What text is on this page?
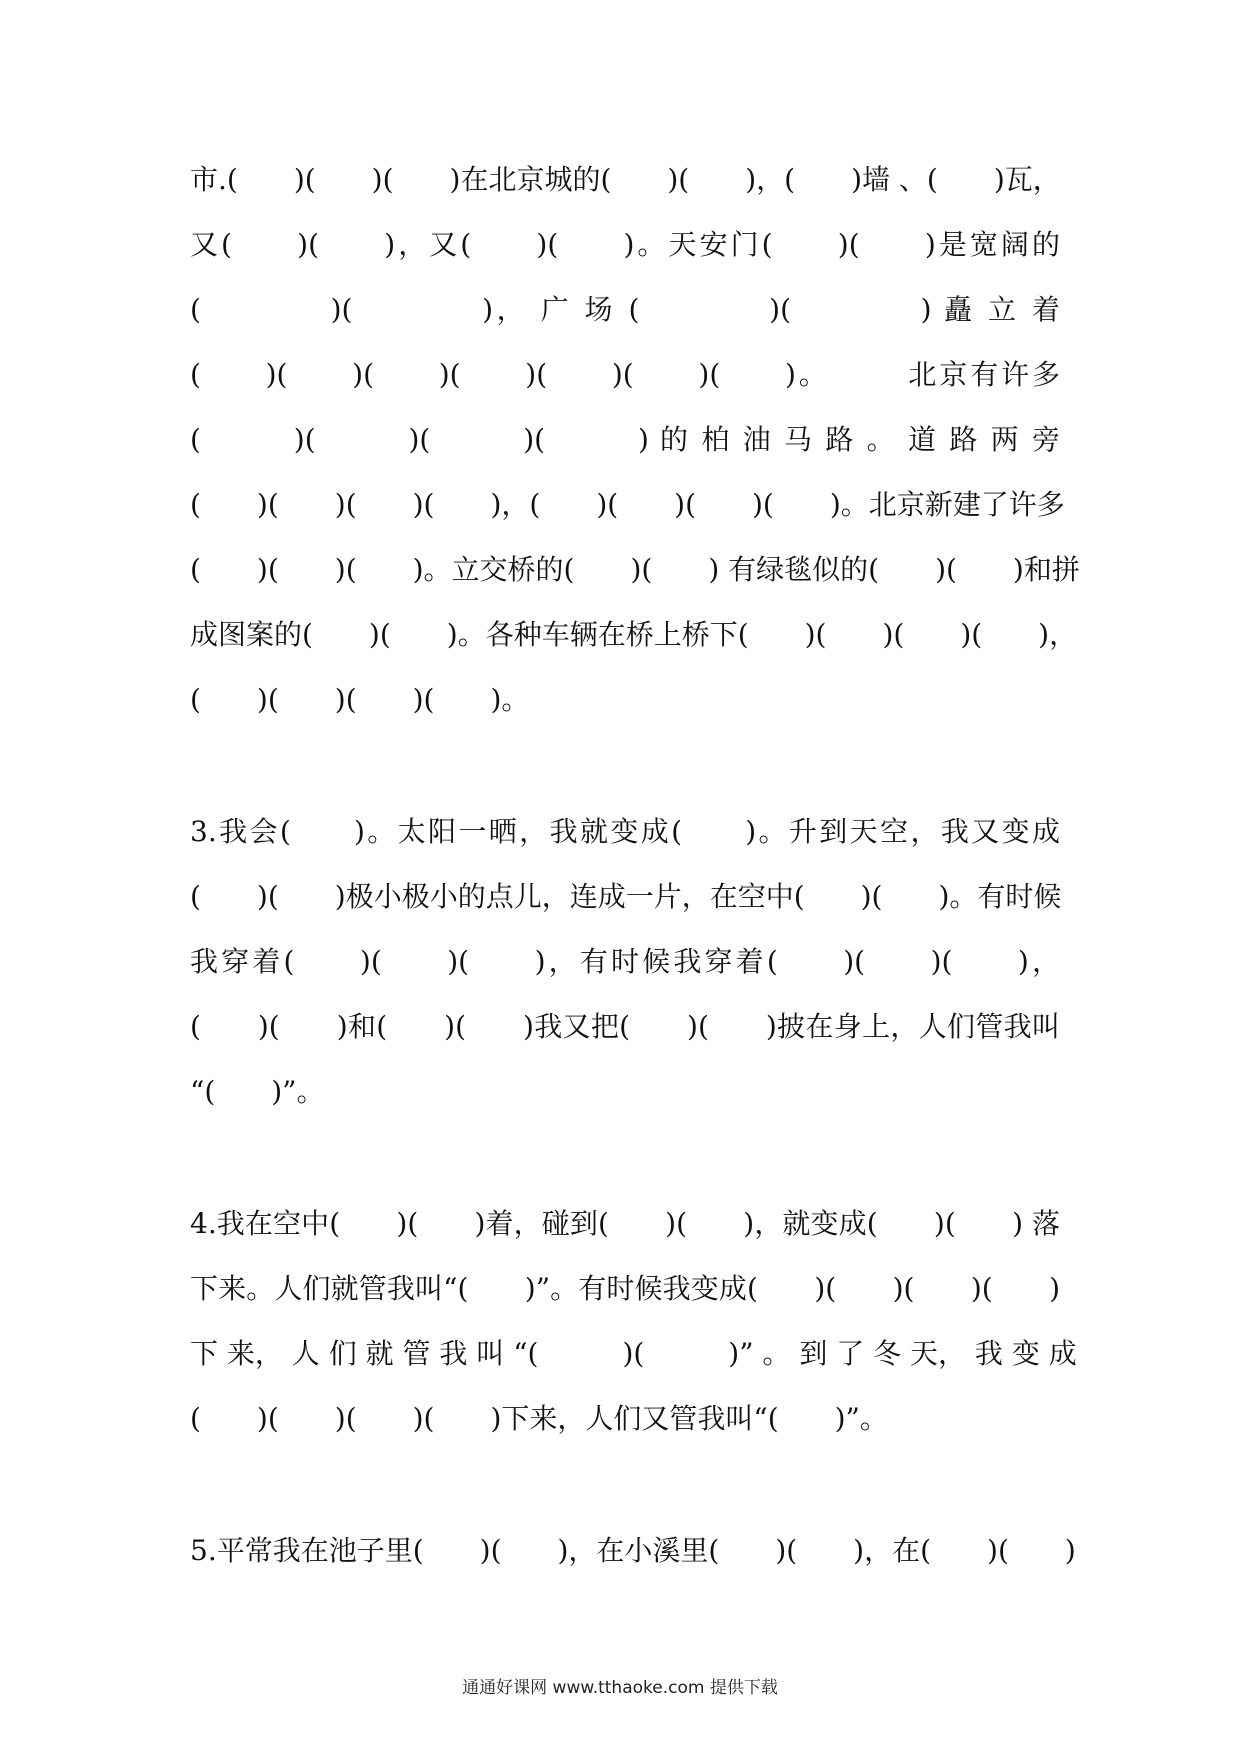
市.(　　)(　　)(　　)在北京城的(　　)(　　)，(　　)墙 、(　　)瓦，
又(　　)(　　)，又(　　)(　　)。天安门(　　)(　　)是宽阔的
(　　　　)(　　　　)， 广 场 (　　　　)(　　　　) 矗 立 着
(　　)(　　)(　　)(　　)(　　)(　　)(　　)。　　　北京有许多
(　　　)(　　　)(　　　)(　　　) 的 柏 油 马 路 。 道 路 两 旁
(　　)(　　)(　　)(　　)，(　　)(　　)(　　)(　　)。北京新建了许多
(　　)(　　)(　　)。立交桥的(　　)(　　) 有绿毯似的(　　)(　　)和拼
成图案的(　　)(　　)。各种车辆在桥上桥下(　　)(　　)(　　)(　　)，
(　　)(　　)(　　)(　　)。
3.我会(　　)。太阳一晒，我就变成(　　)。升到天空，我又变成
(　　)(　　)极小极小的点儿，连成一片，在空中(　　)(　　)。有时候
我穿着(　　)(　　)(　　)，有时候我穿着(　　)(　　)(　　)，
(　　)(　　)和(　　)(　　)我又把(　　)(　　)披在身上，人们管我叫
“(　　)”。
4.我在空中(　　)(　　)着，碰到(　　)(　　)，就变成(　　)(　　) 落
下来。人们就管我叫“(　　)”。有时候我变成(　　)(　　)(　　)(　　)
下 来， 人 们 就 管 我 叫 “(　　　)(　　　)” 。 到 了 冬 天， 我 变 成
(　　)(　　)(　　)(　　)下来，人们又管我叫“(　　)”。
5.平常我在池子里(　　)(　　)，在小溪里(　　)(　　)，在(　　)(　　)
通通好课网 www.tthaoke.com 提供下载
